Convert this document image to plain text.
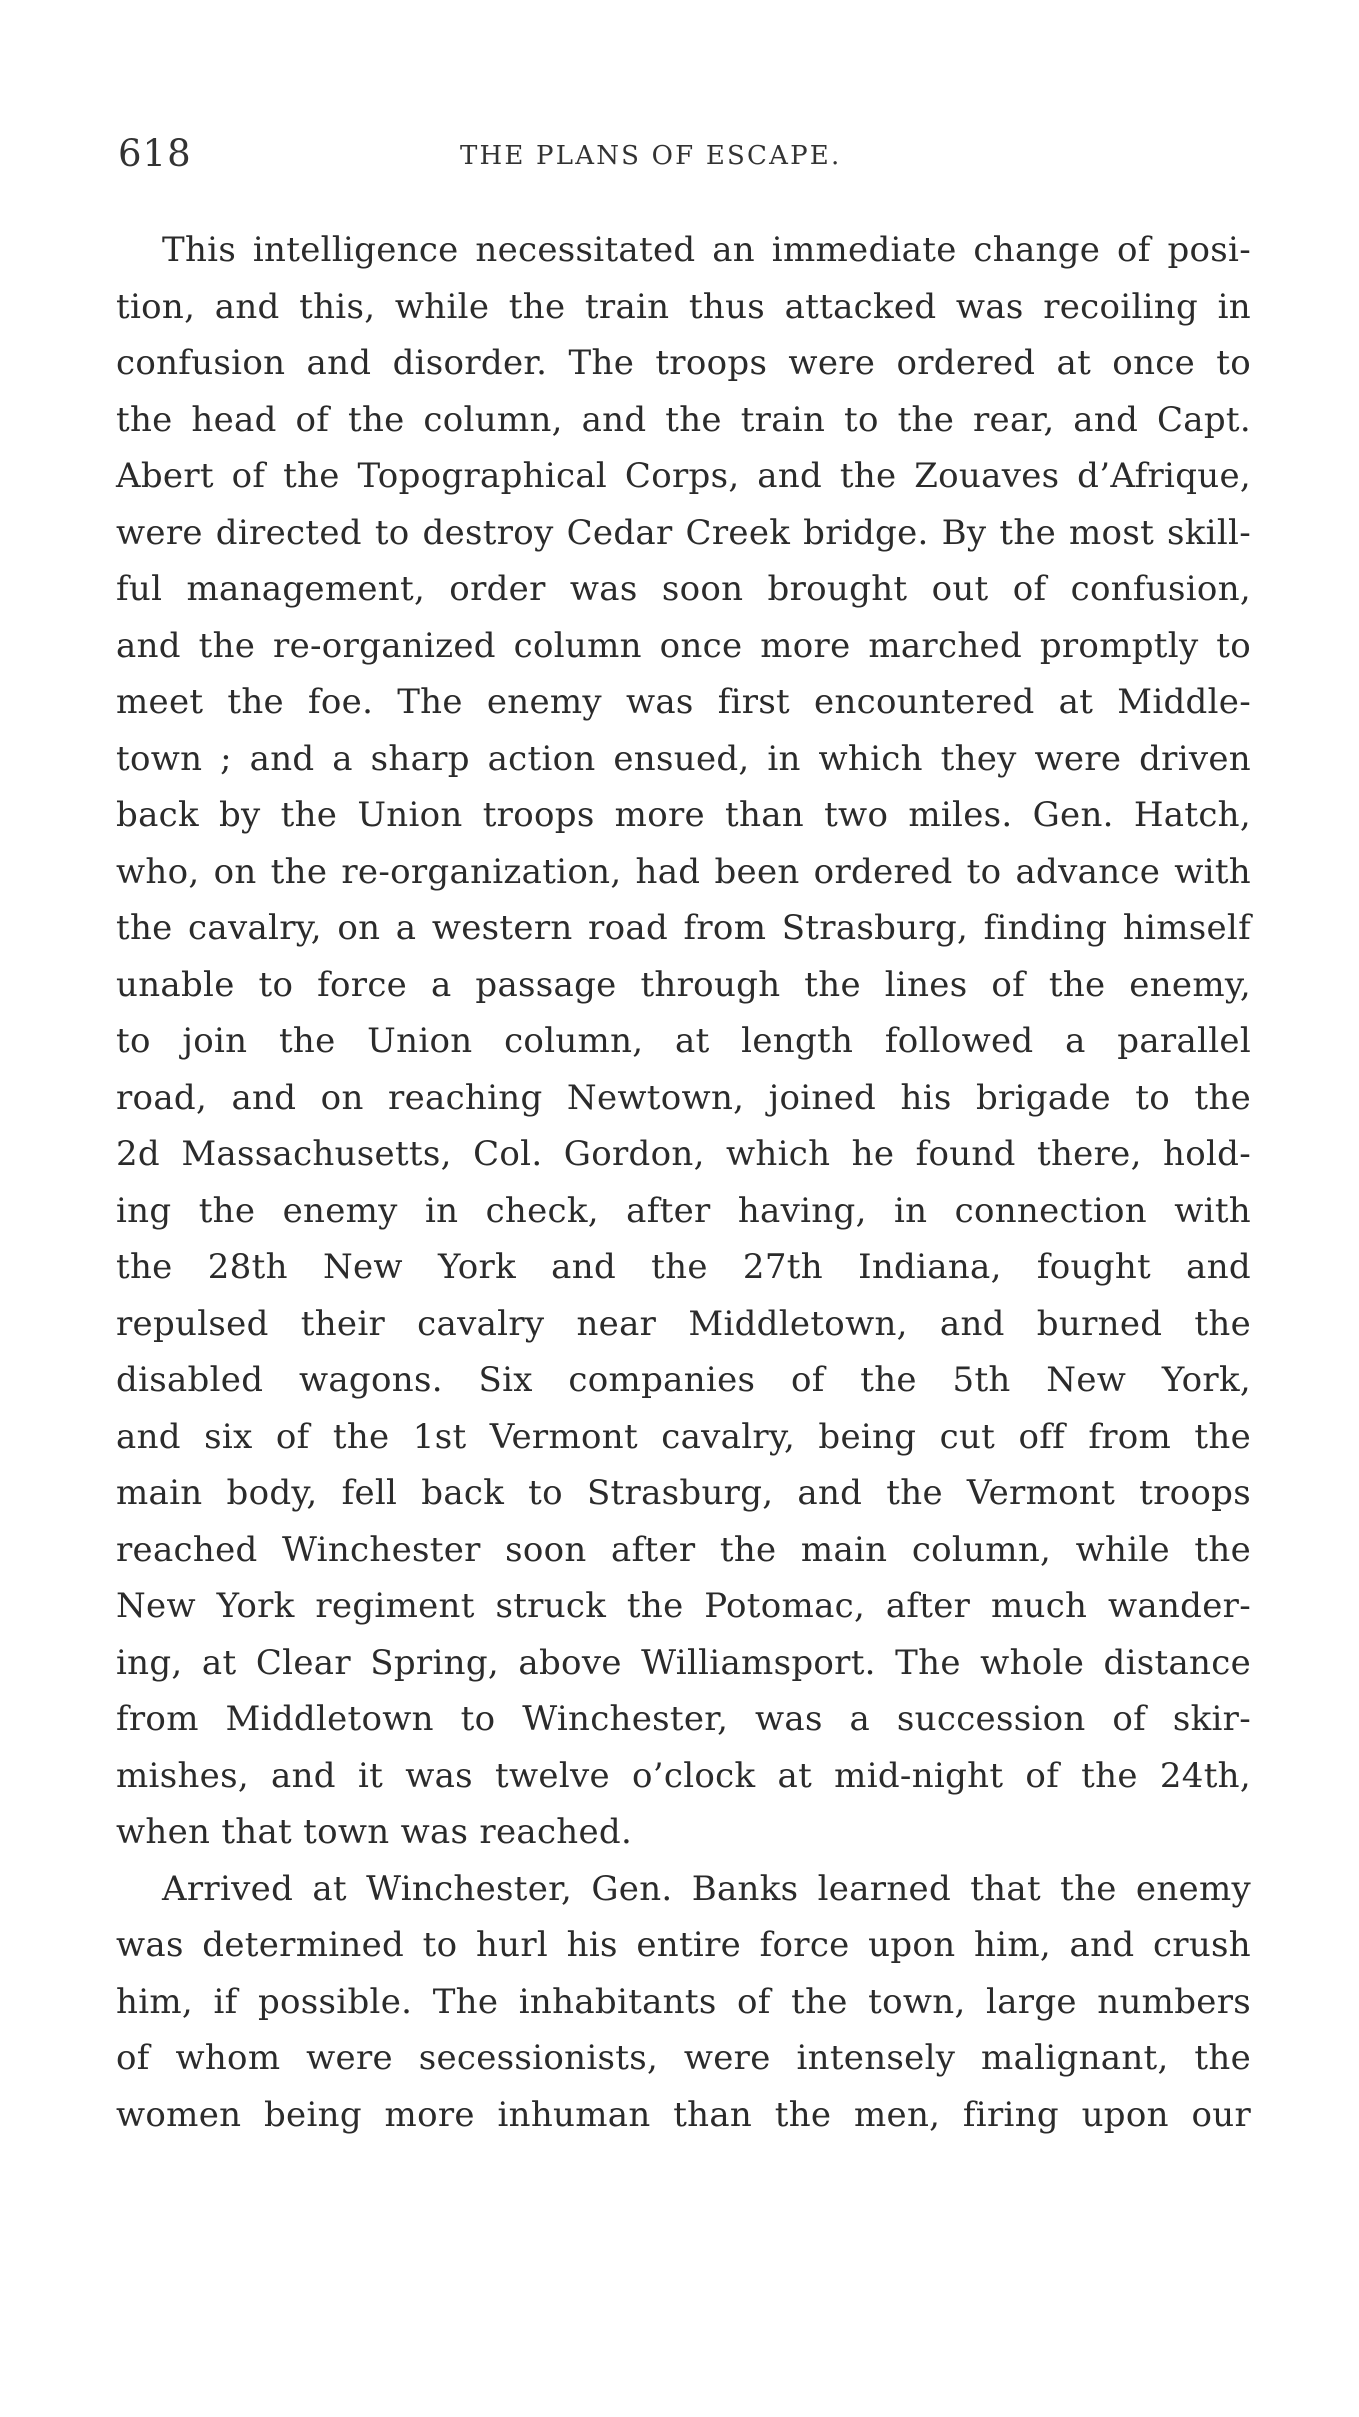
618	THE PLANS OF ESCAPE.
This intelligence necessitated an immediate change of posi-
tion, and this, while the train thus attacked was recoiling in
confusion and disorder. The troops were ordered at once to
the head of the column, and the train to the rear, and Capt.
Abert of the Topographical Corps, and the Zouaves d’Afrique,
were directed to destroy Cedar Creek bridge. By the most skill-
ful management, order was soon brought out of confusion,
and the re-organized column once more marched promptly to
meet the foe. The enemy was first encountered at Middle-
town ; and a sharp action ensued, in which they were driven
back by the Union troops more than two miles. Gen. Hatch,
who, on the re-organization, had been ordered to advance with
the cavalry, on a western road from Strasburg, finding himself
unable to force a passage through the lines of the enemy,
to join the Union column, at length followed a parallel
road, and on reaching Newtown, joined his brigade to the
2d Massachusetts, Col. Gordon, which he found there, hold-
ing the enemy in check, after having, in connection with
the 28th New York and the 27th Indiana, fought and
repulsed their cavalry near Middletown, and burned the
disabled wagons. Six companies of the 5th New York,
and six of the 1st Vermont cavalry, being cut off from the
main body, fell back to Strasburg, and the Vermont troops
reached Winchester soon after the main column, while the
New York regiment struck the Potomac, after much wander-
ing, at Clear Spring, above Williamsport. The whole distance
from Middletown to Winchester, was a succession of skir-
mishes, and it was twelve o’clock at mid-night of the 24th,
when that town was reached.
Arrived at Winchester, Gen. Banks learned that the enemy
was determined to hurl his entire force upon him, and crush
him, if possible. The inhabitants of the town, large numbers
of whom were secessionists, were intensely malignant, the
women being more inhuman than the men, firing upon our
